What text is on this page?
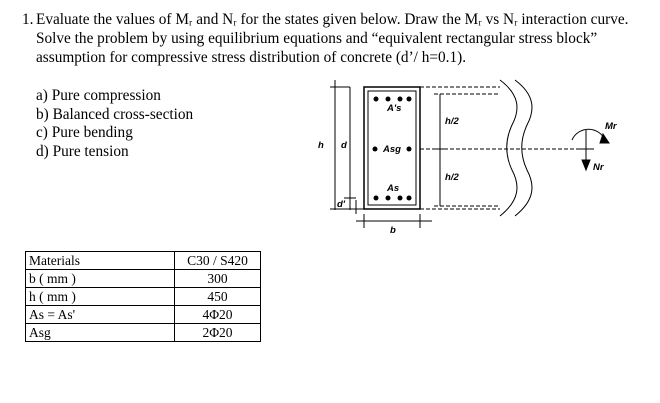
1. Evaluate the values of Mᵣ and Nᵣ for the states given below. Draw the Mᵣ vs Nᵣ interaction curve. Solve the problem by using equilibrium equations and “equivalent rectangular stress block” assumption for compressive stress distribution of concrete (d’/ h=0.1).
a) Pure compression
b) Balanced cross-section
c) Pure bending
d) Pure tension	h d
A's
Asg
As
d'
b
h/2
h/2
Mr
Nr
Materials	C30 / S420
b ( mm )	300
h ( mm )	450
As = As'	4Φ20
Asg	2Φ20
